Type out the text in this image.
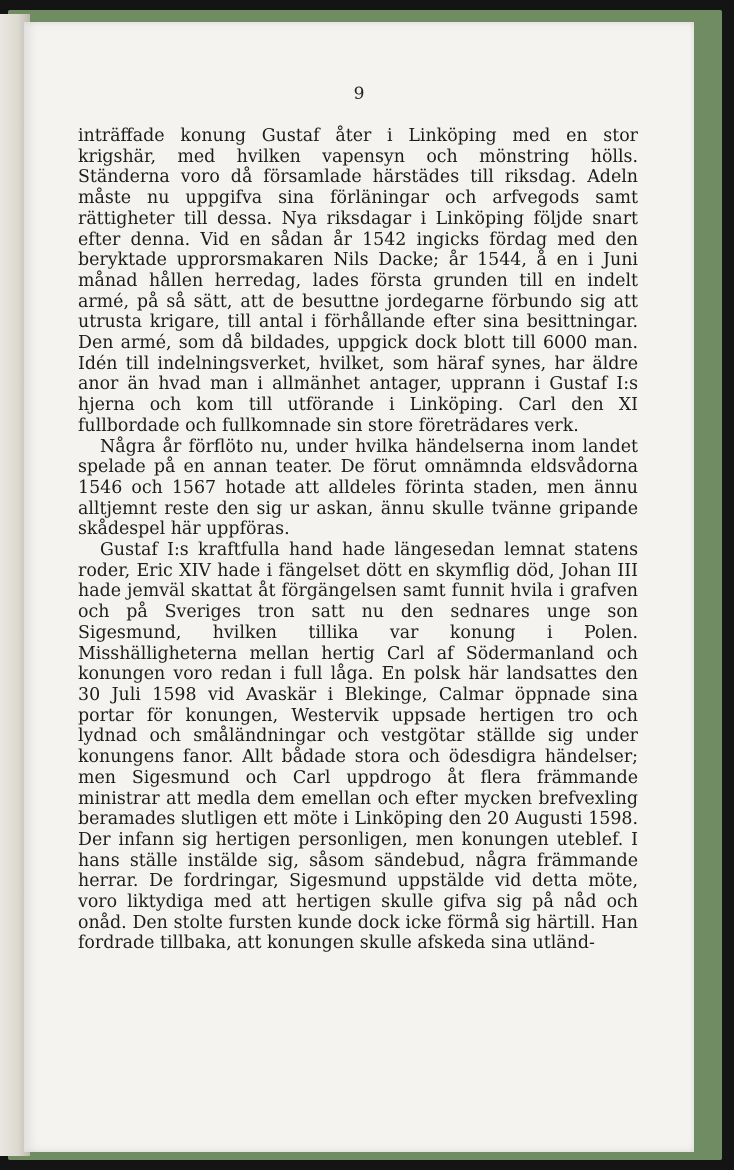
9

inträffade konung Gustaf åter i Linköping med en stor krigshär, med hvilken vapensyn och mönstring hölls. Ständerna voro då församlade härstädes till riksdag. Adeln måste nu uppgifva sina förläningar och arfvegods samt rättigheter till dessa. Nya riksdagar i Linköping följde snart efter denna. Vid en sådan år 1542 ingicks fördag med den beryktade upprorsmakaren Nils Dacke; år 1544, å en i Juni månad hållen herredag, lades första grunden till en indelt armé, på så sätt, att de besuttne jordegarne förbundo sig att utrusta krigare, till antal i förhållande efter sina besittningar. Den armé, som då bildades, uppgick dock blott till 6000 man. Idén till indelningsverket, hvilket, som häraf synes, har äldre anor än hvad man i allmänhet antager, upprann i Gustaf I:s hjerna och kom till utförande i Linköping. Carl den XI fullbordade och fullkomnade sin store företrädares verk.

Några år förflöto nu, under hvilka händelserna inom landet spelade på en annan teater. De förut omnämnda eldsvådorna 1546 och 1567 hotade att alldeles förinta staden, men ännu alltjemnt reste den sig ur askan, ännu skulle tvänne gripande skådespel här uppföras.

Gustaf I:s kraftfulla hand hade längesedan lemnat statens roder, Eric XIV hade i fängelset dött en skymflig död, Johan III hade jemväl skattat åt förgängelsen samt funnit hvila i grafven och på Sveriges tron satt nu den sednares unge son Sigesmund, hvilken tillika var konung i Polen. Misshälligheterna mellan hertig Carl af Södermanland och konungen voro redan i full låga. En polsk här landsattes den 30 Juli 1598 vid Avaskär i Blekinge, Calmar öppnade sina portar för konungen, Westervik uppsade hertigen tro och lydnad och småländningar och vestgötar ställde sig under konungens fanor. Allt bådade stora och ödesdigra händelser; men Sigesmund och Carl uppdrogo åt flera främmande ministrar att medla dem emellan och efter mycken brefvexling beramades slutligen ett möte i Linköping den 20 Augusti 1598. Der infann sig hertigen personligen, men konungen uteblef. I hans ställe instälde sig, såsom sändebud, några främmande herrar. De fordringar, Sigesmund uppstälde vid detta möte, voro liktydiga med att hertigen skulle gifva sig på nåd och onåd. Den stolte fursten kunde dock icke förmå sig härtill. Han fordrade tillbaka, att konungen skulle afskeda sina utländ-
